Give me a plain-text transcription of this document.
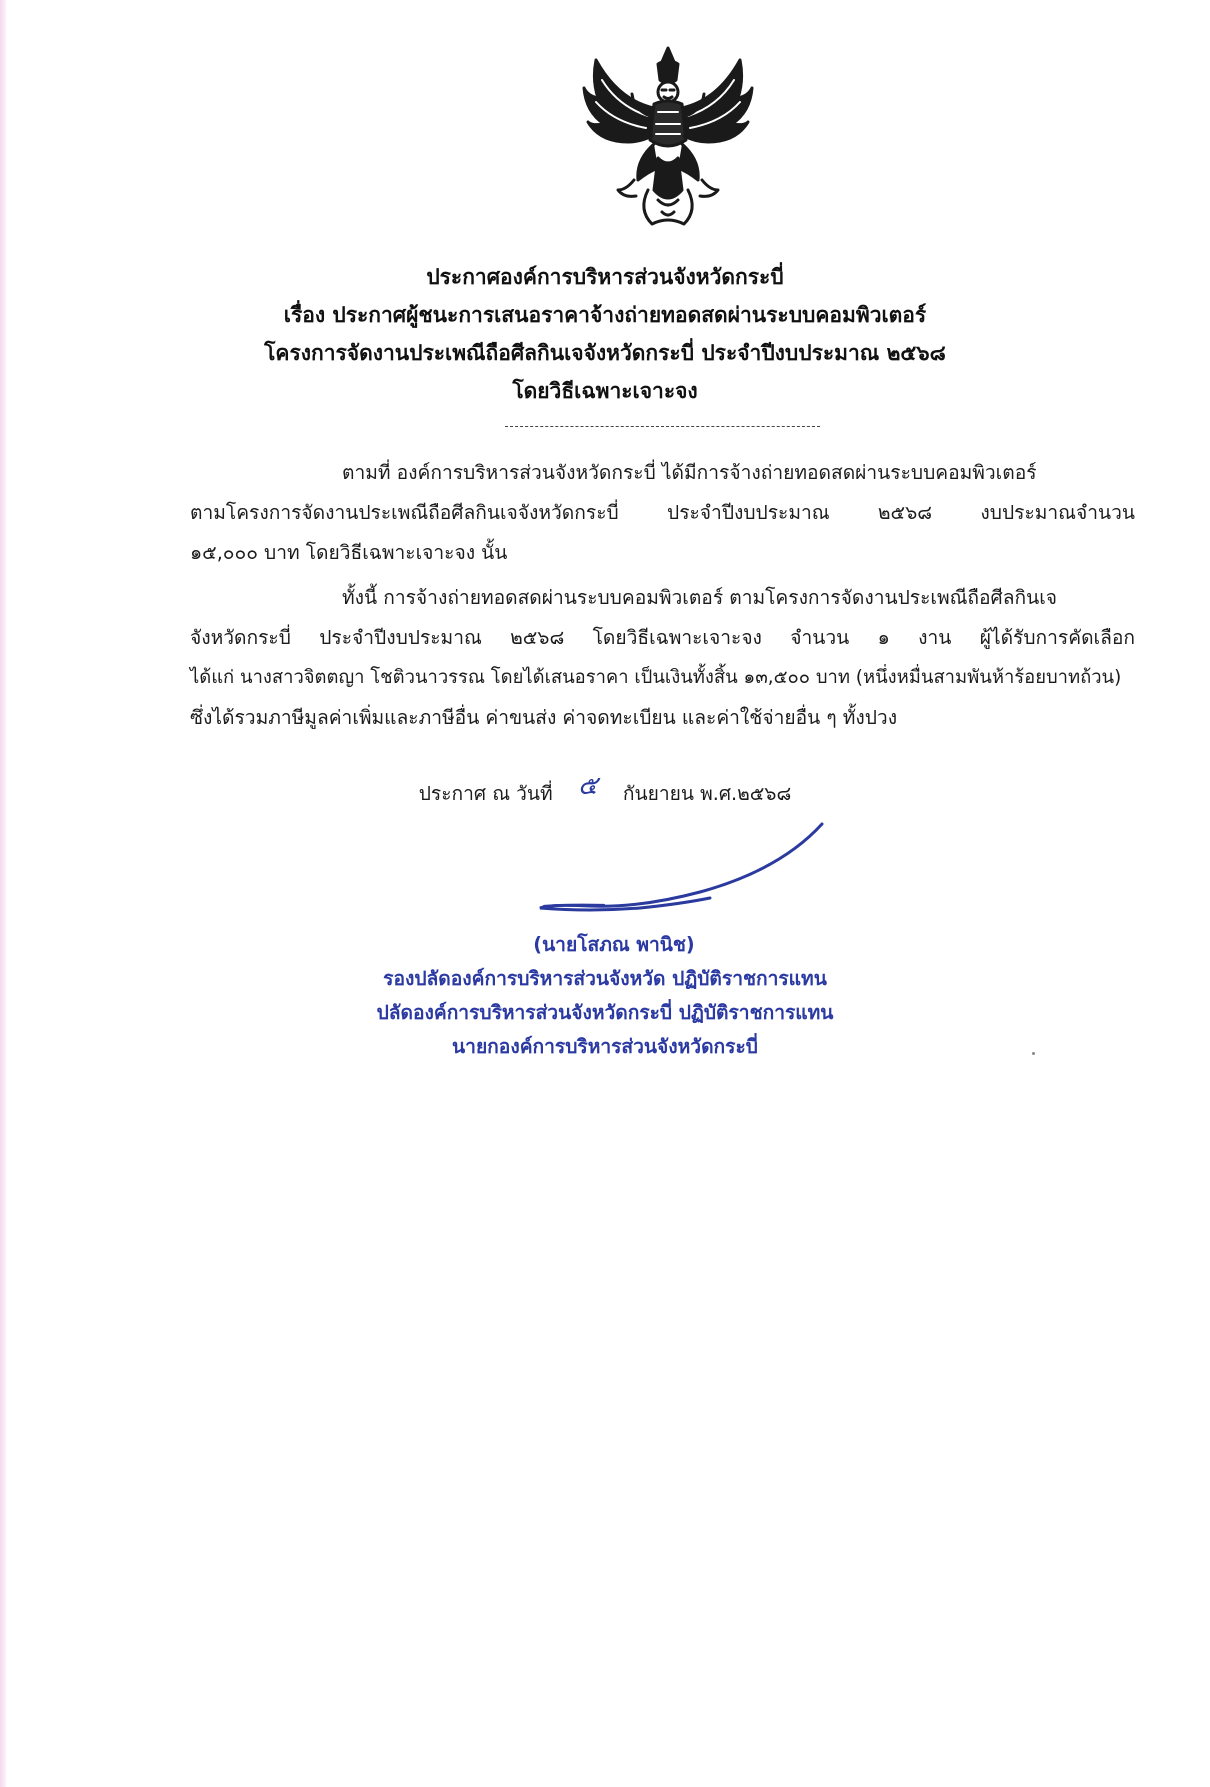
ประกาศองค์การบริหารส่วนจังหวัดกระบี่
เรื่อง ประกาศผู้ชนะการเสนอราคาจ้างถ่ายทอดสดผ่านระบบคอมพิวเตอร์
โครงการจัดงานประเพณีถือศีลกินเจจังหวัดกระบี่ ประจำปีงบประมาณ ๒๕๖๘
โดยวิธีเฉพาะเจาะจง
ตามที่ องค์การบริหารส่วนจังหวัดกระบี่ ได้มีการจ้างถ่ายทอดสดผ่านระบบคอมพิวเตอร์
ตามโครงการจัดงานประเพณีถือศีลกินเจจังหวัดกระบี่ ประจำปีงบประมาณ ๒๕๖๘ งบประมาณจำนวน
๑๕,๐๐๐ บาท โดยวิธีเฉพาะเจาะจง นั้น
ทั้งนี้ การจ้างถ่ายทอดสดผ่านระบบคอมพิวเตอร์ ตามโครงการจัดงานประเพณีถือศีลกินเจ
จังหวัดกระบี่ ประจำปีงบประมาณ ๒๕๖๘ โดยวิธีเฉพาะเจาะจง จำนวน ๑ งาน ผู้ได้รับการคัดเลือก
ได้แก่ นางสาวจิตตญา โชติวนาวรรณ โดยได้เสนอราคา เป็นเงินทั้งสิ้น ๑๓,๕๐๐ บาท (หนึ่งหมื่นสามพันห้าร้อยบาทถ้วน)
ซึ่งได้รวมภาษีมูลค่าเพิ่มและภาษีอื่น ค่าขนส่ง ค่าจดทะเบียน และค่าใช้จ่ายอื่น ๆ ทั้งปวง
ประกาศ ณ วันที่ ๕ กันยายน พ.ศ.๒๕๖๘
(นายโสภณ พานิช)
รองปลัดองค์การบริหารส่วนจังหวัด ปฏิบัติราชการแทน
ปลัดองค์การบริหารส่วนจังหวัดกระบี่ ปฏิบัติราชการแทน
นายกองค์การบริหารส่วนจังหวัดกระบี่
